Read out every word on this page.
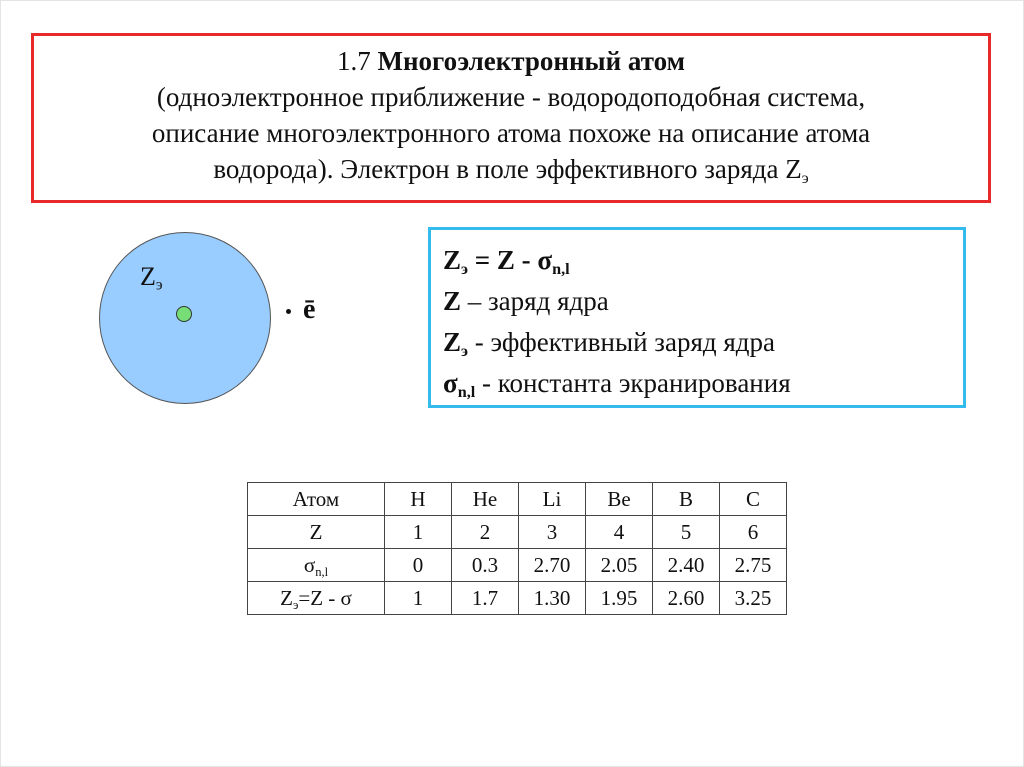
1.7 Многоэлектронный атом
(одноэлектронное приближение - водородоподобная система,
описание многоэлектронного атома похоже на описание атома
водорода). Электрон в поле эффективного заряда $Z_э$
$Z_э$
ē
$Z_э = Z - \sigma_{n,l}$
Z – заряд ядра
$Z_э$ - эффективный заряд ядра
$\sigma_{n,l}$ - константа экранирования
Атом	H	He	Li	Be	B	C
Z	1	2	3	4	5	6
$\sigma_{n,l}$	0	0.3	2.70	2.05	2.40	2.75
$Z_э=Z - \sigma$	1	1.7	1.30	1.95	2.60	3.25
